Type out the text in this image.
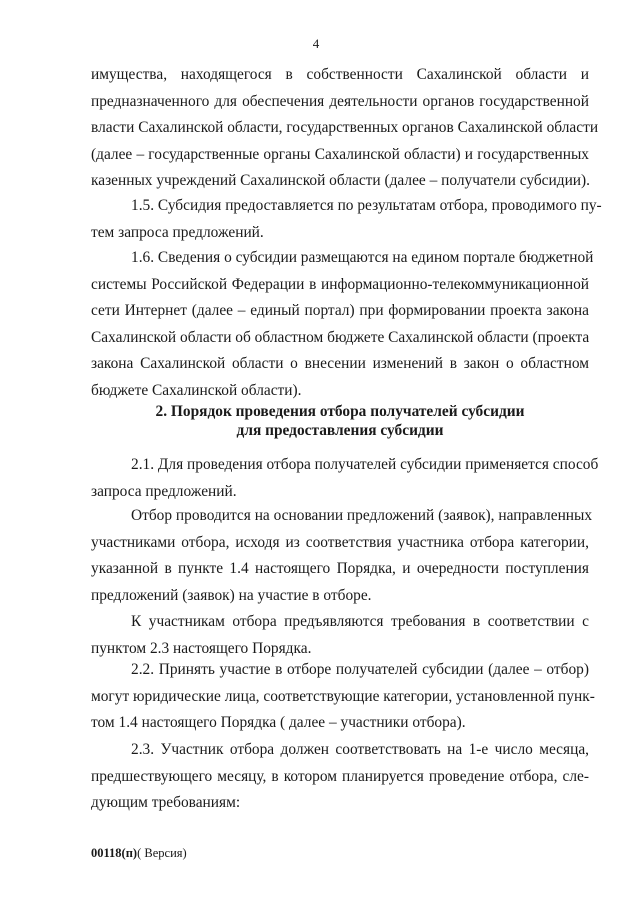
4
имущества, находящегося в собственности Сахалинской области и
предназначенного для обеспечения деятельности органов государственной
власти Сахалинской области, государственных органов Сахалинской области
(далее – государственные органы Сахалинской области) и государственных
казенных учреждений Сахалинской области (далее – получатели субсидии).
1.5. Субсидия предоставляется по результатам отбора, проводимого пу-
тем запроса предложений.
1.6. Сведения о субсидии размещаются на едином портале бюджетной
системы Российской Федерации в информационно-телекоммуникационной
сети Интернет (далее – единый портал) при формировании проекта закона
Сахалинской области об областном бюджете Сахалинской области (проекта
закона Сахалинской области о внесении изменений в закон о областном
бюджете Сахалинской области).
2. Порядок проведения отбора получателей субсидии
для предоставления субсидии
2.1. Для проведения отбора получателей субсидии применяется способ
запроса предложений.
Отбор проводится на основании предложений (заявок), направленных
участниками отбора, исходя из соответствия участника отбора категории,
указанной в пункте 1.4 настоящего Порядка, и очередности поступления
предложений (заявок) на участие в отборе.
К участникам отбора предъявляются требования в соответствии с
пунктом 2.3 настоящего Порядка.
2.2. Принять участие в отборе получателей субсидии (далее – отбор)
могут юридические лица, соответствующие категории, установленной пунк-
том 1.4 настоящего Порядка ( далее – участники отбора).
2.3. Участник отбора должен соответствовать на 1-е число месяца,
предшествующего месяцу, в котором планируется проведение отбора, сле-
дующим требованиям:
00118(п)( Версия)
